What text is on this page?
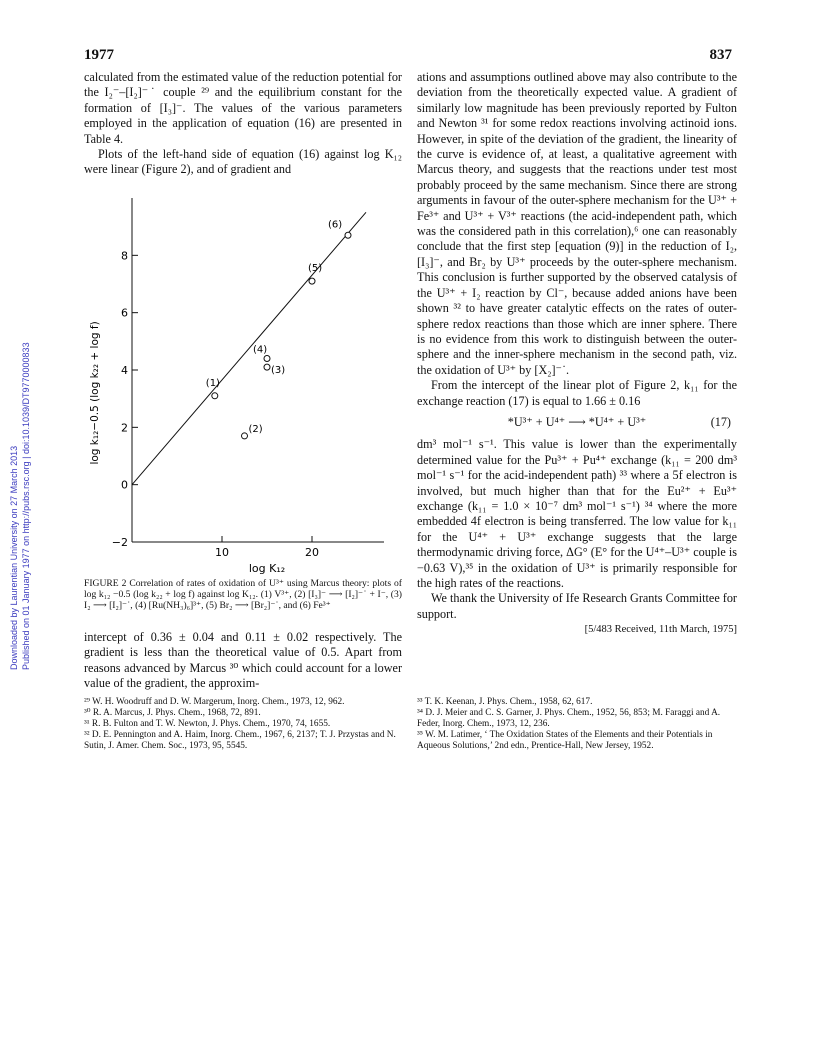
1977	837
Downloaded by Laurentian University on 27 March 2013 Published on 01 January 1977 on http://pubs.rsc.org | doi:10.1039/DT9770000833

calculated from the estimated value of the reduction potential for the I₂⁻–[I₂]⁻˙ couple ²⁹ and the equilibrium constant for the formation of [I₃]⁻. The values of the various parameters employed in the application of equation (16) are presented in Table 4.

Plots of the left-hand side of equation (16) against log K₁₂ were linear (Figure 2), and of gradient and

−2
0
2
4
6
8
10	20
(1)
(2)
(3)
(4)
(5)
(6)
log K₁₂
log k₁₂−0.5 (log k₂₂ + log f)
FIGURE 2 Correlation of rates of oxidation of U³⁺ using Marcus theory: plots of log k₁₂ −0.5 (log k₂₂ + log f) against log K₁₂. (1) V³⁺, (2) [I₃]⁻ ⟶ [I₂]⁻˙ + I⁻, (3) I₂ ⟶ [I₂]⁻˙, (4) [Ru(NH₃)₆]³⁺, (5) Br₂ ⟶ [Br₂]⁻˙, and (6) Fe³⁺

intercept of 0.36 ± 0.04 and 0.11 ± 0.02 respectively. The gradient is less than the theoretical value of 0.5. Apart from reasons advanced by Marcus ³⁰ which could account for a lower value of the gradient, the approxim-

²⁹ W. H. Woodruff and D. W. Margerum, Inorg. Chem., 1973, 12, 962.

³⁰ R. A. Marcus, J. Phys. Chem., 1968, 72, 891.

³¹ R. B. Fulton and T. W. Newton, J. Phys. Chem., 1970, 74, 1655.

³² D. E. Pennington and A. Haim, Inorg. Chem., 1967, 6, 2137; T. J. Przystas and N. Sutin, J. Amer. Chem. Soc., 1973, 95, 5545.

ations and assumptions outlined above may also contribute to the deviation from the theoretically expected value. A gradient of similarly low magnitude has been previously reported by Fulton and Newton ³¹ for some redox reactions involving actinoid ions. However, in spite of the deviation of the gradient, the linearity of the curve is evidence of, at least, a qualitative agreement with Marcus theory, and suggests that the reactions under test most probably proceed by the same mechanism. Since there are strong arguments in favour of the outer-sphere mechanism for the U³⁺ + Fe³⁺ and U³⁺ + V³⁺ reactions (the acid-independent path, which was the considered path in this correlation),⁶ one can reasonably conclude that the first step [equation (9)] in the reduction of I₂, [I₃]⁻, and Br₂ by U³⁺ proceeds by the outer-sphere mechanism. This conclusion is further supported by the observed catalysis of the U³⁺ + I₂ reaction by Cl⁻, because added anions have been shown ³² to have greater catalytic effects on the rates of outer-sphere redox reactions than those which are inner sphere. There is no evidence from this work to distinguish between the outer-sphere and the inner-sphere mechanism in the second path, viz. the oxidation of U³⁺ by [X₂]⁻˙.

From the intercept of the linear plot of Figure 2, k₁₁ for the exchange reaction (17) is equal to 1.66 ± 0.16

*U³⁺ + U⁴⁺ ⟶ *U⁴⁺ + U³⁺	(17)

dm³ mol⁻¹ s⁻¹. This value is lower than the experimentally determined value for the Pu³⁺ + Pu⁴⁺ exchange (k₁₁ = 200 dm³ mol⁻¹ s⁻¹ for the acid-independent path) ³³ where a 5f electron is involved, but much higher than that for the Eu²⁺ + Eu³⁺ exchange (k₁₁ = 1.0 × 10⁻⁷ dm³ mol⁻¹ s⁻¹) ³⁴ where the more embedded 4f electron is being transferred. The low value for k₁₁ for the U⁴⁺ + U³⁺ exchange suggests that the large thermodynamic driving force, ΔG° (E° for the U⁴⁺–U³⁺ couple is −0.63 V),³⁵ in the oxidation of U³⁺ is primarily responsible for the high rates of the reactions.

We thank the University of Ife Research Grants Committee for support.

[5/483 Received, 11th March, 1975]

³³ T. K. Keenan, J. Phys. Chem., 1958, 62, 617.

³⁴ D. J. Meier and C. S. Garner, J. Phys. Chem., 1952, 56, 853; M. Faraggi and A. Feder, Inorg. Chem., 1973, 12, 236.

³⁵ W. M. Latimer, ‘ The Oxidation States of the Elements and their Potentials in Aqueous Solutions,’ 2nd edn., Prentice-Hall, New Jersey, 1952.
